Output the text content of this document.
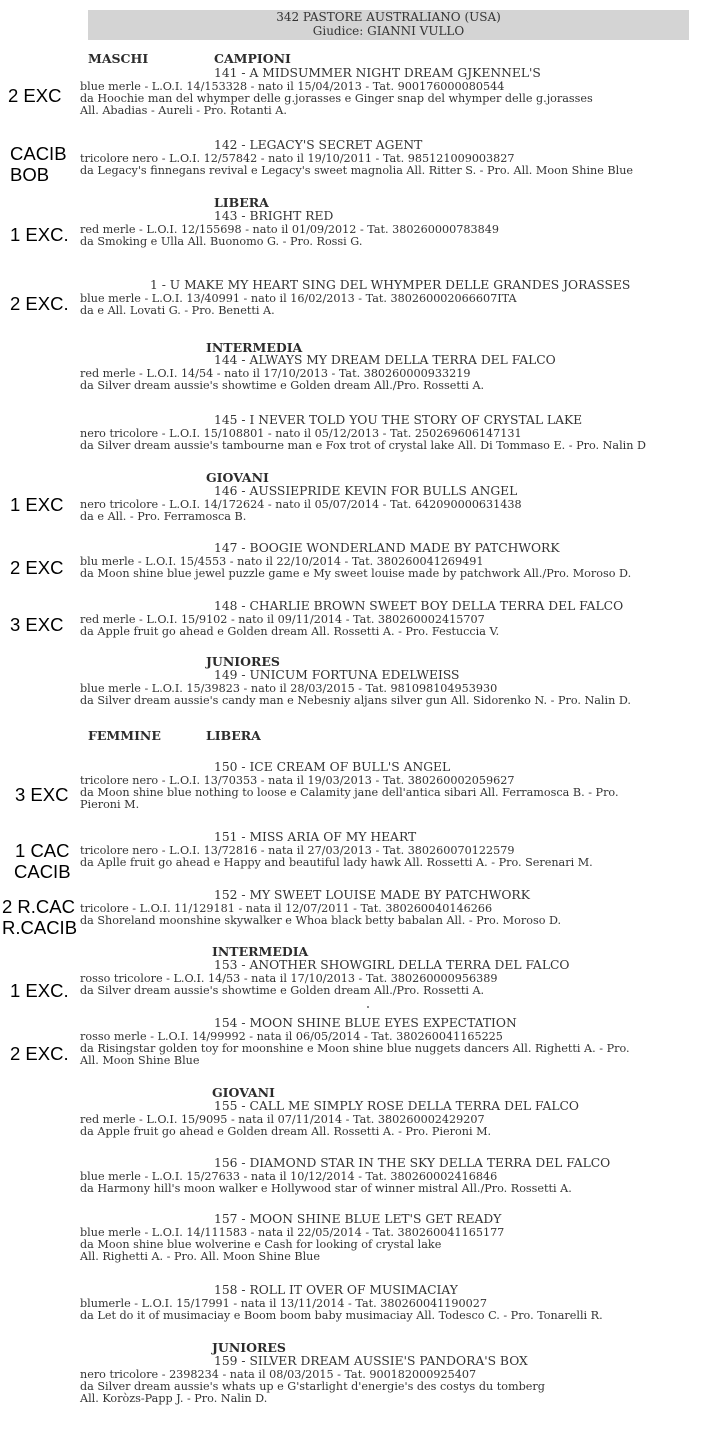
342 PASTORE AUSTRALIANO (USA)
Giudice: GIANNI VULLO
MASCHI	CAMPIONI
LIBERA
INTERMEDIA
GIOVANI
JUNIORES
FEMMINE	LIBERA
INTERMEDIA
GIOVANI
JUNIORES
141 - A MIDSUMMER NIGHT DREAM GJKENNEL'S
blue merle - L.O.I. 14/153328 - nato il 15/04/2013 - Tat. 900176000080544
da Hoochie man del whymper delle g.jorasses e Ginger snap del whymper delle g.jorasses
All. Abadias - Aureli - Pro. Rotanti A.
142 - LEGACY'S SECRET AGENT
tricolore nero - L.O.I. 12/57842 - nato il 19/10/2011 - Tat. 985121009003827
da Legacy's finnegans revival e Legacy's sweet magnolia All. Ritter S. - Pro. All. Moon Shine Blue
143 - BRIGHT RED
red merle - L.O.I. 12/155698 - nato il 01/09/2012 - Tat. 380260000783849
da Smoking e Ulla All. Buonomo G. - Pro. Rossi G.
1 - U MAKE MY HEART SING DEL WHYMPER DELLE GRANDES JORASSES
blue merle - L.O.I. 13/40991 - nato il 16/02/2013 - Tat. 380260002066607ITA
da e All. Lovati G. - Pro. Benetti A.
144 - ALWAYS MY DREAM DELLA TERRA DEL FALCO
red merle - L.O.I. 14/54 - nato il 17/10/2013 - Tat. 380260000933219
da Silver dream aussie's showtime e Golden dream All./Pro. Rossetti A.
145 - I NEVER TOLD YOU THE STORY OF CRYSTAL LAKE
nero tricolore - L.O.I. 15/108801 - nato il 05/12/2013 - Tat. 250269606147131
da Silver dream aussie's tambourne man e Fox trot of crystal lake All. Di Tommaso E. - Pro. Nalin D
146 - AUSSIEPRIDE KEVIN FOR BULLS ANGEL
nero tricolore - L.O.I. 14/172624 - nato il 05/07/2014 - Tat. 642090000631438
da e All. - Pro. Ferramosca B.
147 - BOOGIE WONDERLAND MADE BY PATCHWORK
blu merle - L.O.I. 15/4553 - nato il 22/10/2014 - Tat. 380260041269491
da Moon shine blue jewel puzzle game e My sweet louise made by patchwork All./Pro. Moroso D.
148 - CHARLIE BROWN SWEET BOY DELLA TERRA DEL FALCO
red merle - L.O.I. 15/9102 - nato il 09/11/2014 - Tat. 380260002415707
da Apple fruit go ahead e Golden dream All. Rossetti A. - Pro. Festuccia V.
149 - UNICUM FORTUNA EDELWEISS
blue merle - L.O.I. 15/39823 - nato il 28/03/2015 - Tat. 981098104953930
da Silver dream aussie's candy man e Nebesniy aljans silver gun All. Sidorenko N. - Pro. Nalin D.
150 - ICE CREAM OF BULL'S ANGEL
tricolore nero - L.O.I. 13/70353 - nata il 19/03/2013 - Tat. 380260002059627
da Moon shine blue nothing to loose e Calamity jane dell'antica sibari All. Ferramosca B. - Pro.
Pieroni M.
151 - MISS ARIA OF MY HEART
tricolore nero - L.O.I. 13/72816 - nata il 27/03/2013 - Tat. 380260070122579
da Aplle fruit go ahead e Happy and beautiful lady hawk All. Rossetti A. - Pro. Serenari M.
152 - MY SWEET LOUISE MADE BY PATCHWORK
tricolore - L.O.I. 11/129181 - nata il 12/07/2011 - Tat. 380260040146266
da Shoreland moonshine skywalker e Whoa black betty babalan All. - Pro. Moroso D.
153 - ANOTHER SHOWGIRL DELLA TERRA DEL FALCO
rosso tricolore - L.O.I. 14/53 - nata il 17/10/2013 - Tat. 380260000956389
da Silver dream aussie's showtime e Golden dream All./Pro. Rossetti A.
154 - MOON SHINE BLUE EYES EXPECTATION
rosso merle - L.O.I. 14/99992 - nata il 06/05/2014 - Tat. 380260041165225
da Risingstar golden toy for moonshine e Moon shine blue nuggets dancers All. Righetti A. - Pro.
All. Moon Shine Blue
155 - CALL ME SIMPLY ROSE DELLA TERRA DEL FALCO
red merle - L.O.I. 15/9095 - nata il 07/11/2014 - Tat. 380260002429207
da Apple fruit go ahead e Golden dream All. Rossetti A. - Pro. Pieroni M.
156 - DIAMOND STAR IN THE SKY DELLA TERRA DEL FALCO
blue merle - L.O.I. 15/27633 - nata il 10/12/2014 - Tat. 380260002416846
da Harmony hill's moon walker e Hollywood star of winner mistral All./Pro. Rossetti A.
157 - MOON SHINE BLUE LET'S GET READY
blue merle - L.O.I. 14/111583 - nata il 22/05/2014 - Tat. 380260041165177
da Moon shine blue wolverine e Cash for looking of crystal lake
All. Righetti A. - Pro. All. Moon Shine Blue
158 - ROLL IT OVER OF MUSIMACIAY
blumerle - L.O.I. 15/17991 - nata il 13/11/2014 - Tat. 380260041190027
da Let do it of musimaciay e Boom boom baby musimaciay All. Todesco C. - Pro. Tonarelli R.
159 - SILVER DREAM AUSSIE'S PANDORA'S BOX
nero tricolore - 2398234 - nata il 08/03/2015 - Tat. 900182000925407
da Silver dream aussie's whats up e G'starlight d'energie's des costys du tomberg
All. Koròzs-Papp J. - Pro. Nalin D.
2 EXC
CACIB
BOB
1 EXC.
2 EXC.
1 EXC
2 EXC
3 EXC
3 EXC
1 CAC
CACIB
2 R.CAC
R.CACIB
1 EXC.
2 EXC.
